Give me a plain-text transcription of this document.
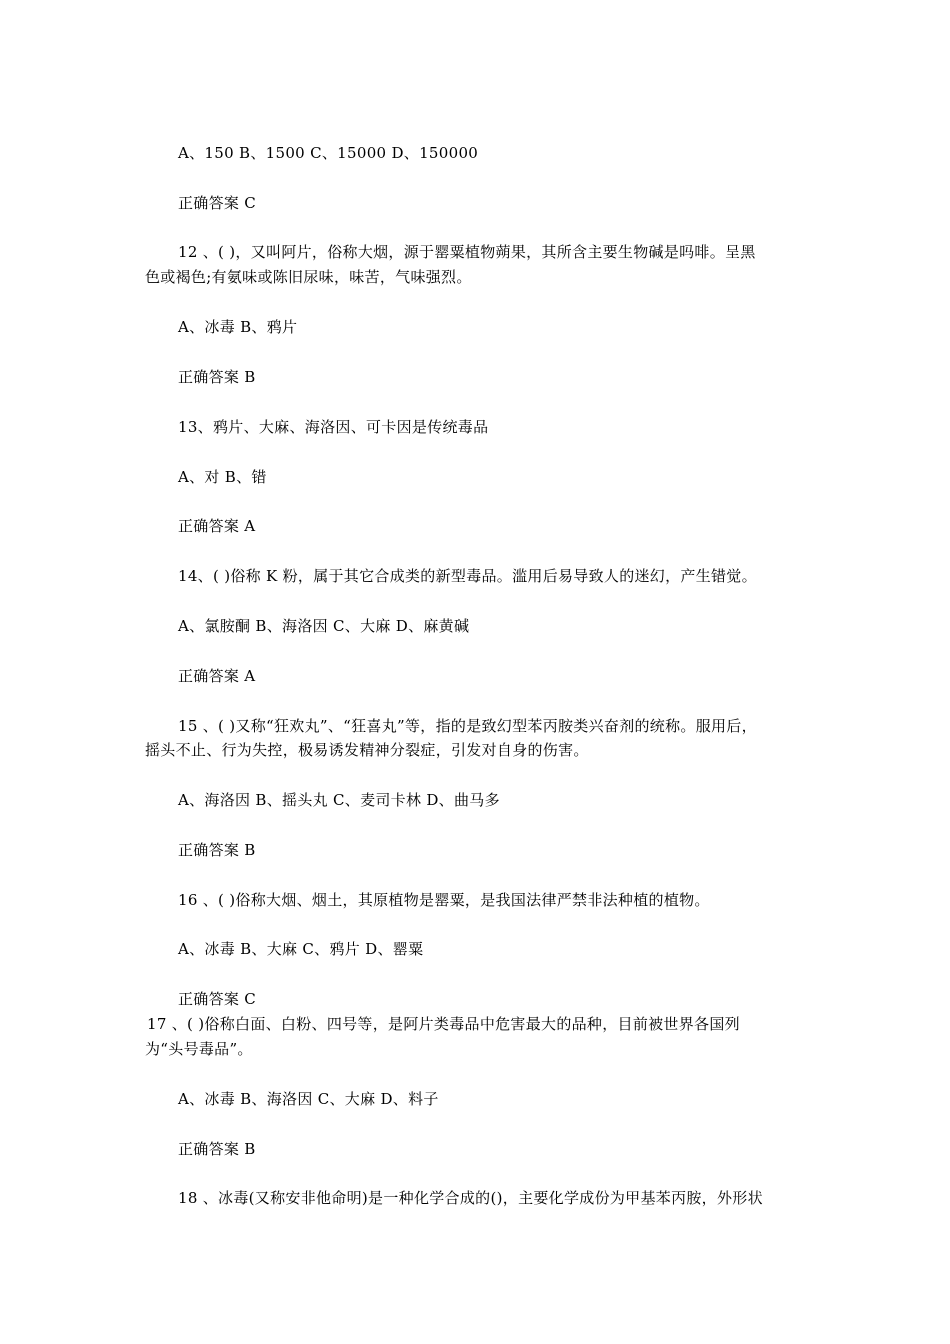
A、150 B、1500 C、15000 D、150000
正确答案 C
12 、( )，又叫阿片，俗称大烟，源于罂粟植物蒴果，其所含主要生物碱是吗啡。呈黑
色或褐色;有氨味或陈旧尿味，味苦，气味强烈。
A、冰毒 B、鸦片
正确答案 B
13、鸦片、大麻、海洛因、可卡因是传统毒品
A、对 B、错
正确答案 A
14、( )俗称 K 粉，属于其它合成类的新型毒品。滥用后易导致人的迷幻，产生错觉。
A、氯胺酮 B、海洛因 C、大麻 D、麻黄碱
正确答案 A
15 、( )又称“狂欢丸”、“狂喜丸”等，指的是致幻型苯丙胺类兴奋剂的统称。服用后，
摇头不止、行为失控，极易诱发精神分裂症，引发对自身的伤害。
A、海洛因 B、摇头丸 C、麦司卡林 D、曲马多
正确答案 B
16 、( )俗称大烟、烟土，其原植物是罂粟，是我国法律严禁非法种植的植物。
A、冰毒 B、大麻 C、鸦片 D、罂粟
正确答案 C
17 、( )俗称白面、白粉、四号等，是阿片类毒品中危害最大的品种，目前被世界各国列
为“头号毒品”。
A、冰毒 B、海洛因 C、大麻 D、料子
正确答案 B
18 、冰毒(又称安非他命明)是一种化学合成的()，主要化学成份为甲基苯丙胺，外形状
